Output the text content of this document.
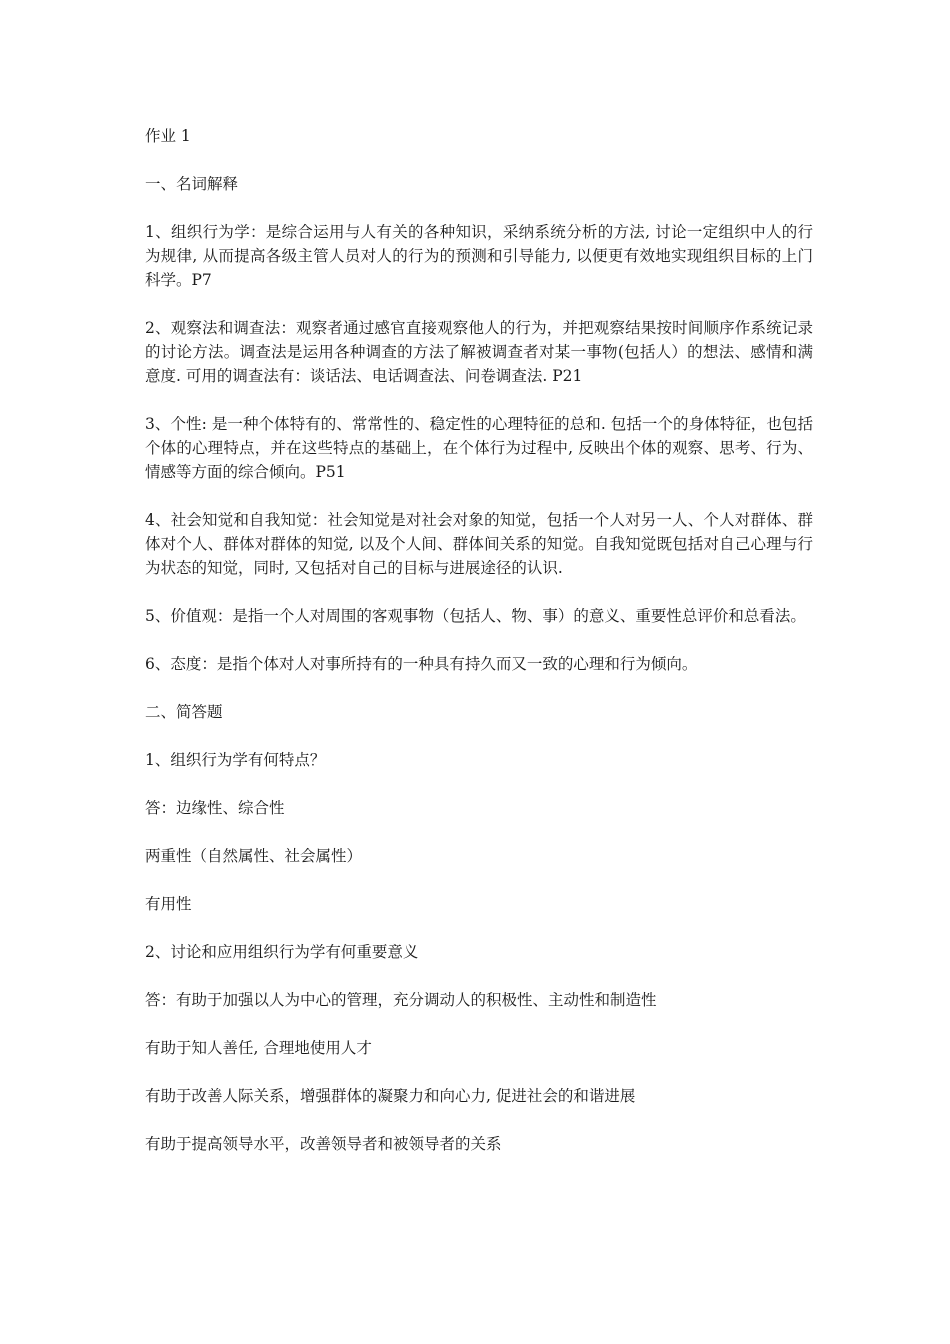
作业 1

一、名词解释

1、组织行为学：是综合运用与人有关的各种知识，采纳系统分析的方法, 讨论一定组织中人的行为规律, 从而提高各级主管人员对人的行为的预测和引导能力, 以便更有效地实现组织目标的上门科学。P7

2、观察法和调查法：观察者通过感官直接观察他人的行为，并把观察结果按时间顺序作系统记录的讨论方法。调查法是运用各种调查的方法了解被调查者对某一事物(包括人）的想法、感情和满意度. 可用的调查法有：谈话法、电话调查法、问卷调查法. P21

3、个性: 是一种个体特有的、常常性的、稳定性的心理特征的总和. 包括一个的身体特征，也包括个体的心理特点，并在这些特点的基础上，在个体行为过程中, 反映出个体的观察、思考、行为、情感等方面的综合倾向。P51

4、社会知觉和自我知觉：社会知觉是对社会对象的知觉，包括一个人对另一人、个人对群体、群体对个人、群体对群体的知觉, 以及个人间、群体间关系的知觉。自我知觉既包括对自己心理与行为状态的知觉，同时, 又包括对自己的目标与进展途径的认识.

5、价值观：是指一个人对周围的客观事物（包括人、物、事）的意义、重要性总评价和总看法。

6、态度：是指个体对人对事所持有的一种具有持久而又一致的心理和行为倾向。

二、简答题

1、组织行为学有何特点？

答：边缘性、综合性

两重性（自然属性、社会属性）

有用性

2、讨论和应用组织行为学有何重要意义

答：有助于加强以人为中心的管理，充分调动人的积极性、主动性和制造性

有助于知人善任, 合理地使用人才

有助于改善人际关系，增强群体的凝聚力和向心力, 促进社会的和谐进展

有助于提高领导水平，改善领导者和被领导者的关系
